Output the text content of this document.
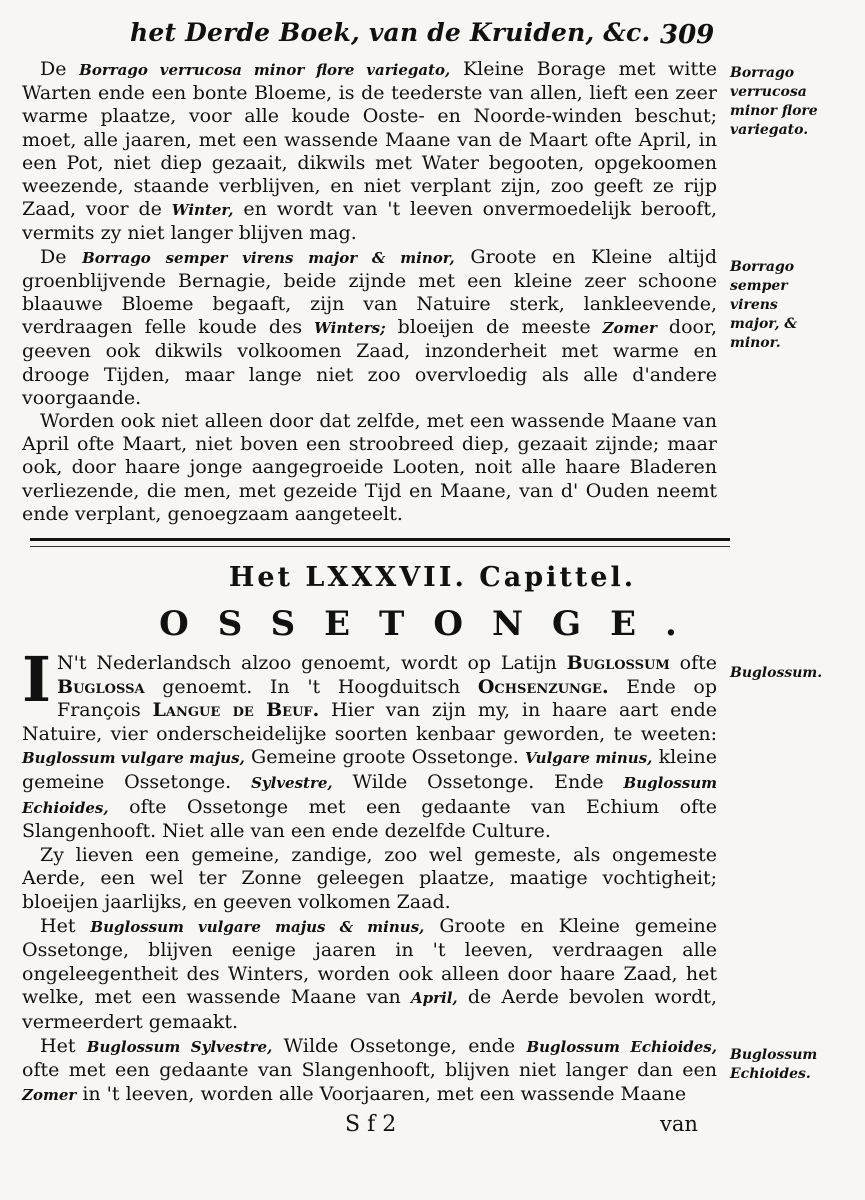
het Derde Boek, van de Kruiden, &c. 309

De Borrago verrucosa minor flore variegato, Kleine Borage met witte Warten ende een bonte Bloeme, is de teederste van allen, lieft een zeer warme plaatze, voor alle koude Ooste- en Noorde-winden beschut; moet, alle jaaren, met een wassende Maane van de Maart ofte April, in een Pot, niet diep gezaait, dikwils met Water begooten, opgekoomen weezende, staande verblijven, en niet verplant zijn, zoo geeft ze rijp Zaad, voor de Winter, en wordt van 't leeven onvermoedelijk berooft, vermits zy niet langer blijven mag.

De Borrago semper virens major & minor, Groote en Kleine altijd groenblijvende Bernagie, beide zijnde met een kleine zeer schoone blaauwe Bloeme begaaft, zijn van Natuire sterk, lankleevende, verdraagen felle koude des Winters; bloeijen de meeste Zomer door, geeven ook dikwils volkoomen Zaad, inzonderheit met warme en drooge Tijden, maar lange niet zoo overvloedig als alle d'andere voorgaande.

Worden ook niet alleen door dat zelfde, met een wassende Maane van April ofte Maart, niet boven een stroobreed diep, gezaait zijnde; maar ook, door haare jonge aangegroeide Looten, noit alle haare Bladeren verliezende, die men, met gezeide Tijd en Maane, van d' Ouden neemt ende verplant, genoegzaam aangeteelt.

Het LXXXVII. Capittel.
OSSETONGE.

I N't Nederlandsch alzoo genoemt, wordt op Latijn Buglossum ofte Buglossa genoemt. In 't Hoogduitsch Ochsenzunge. Ende op François Langue de Beuf. Hier van zijn my, in haare aart ende Natuire, vier onderscheidelijke soorten kenbaar geworden, te weeten: Buglossum vulgare majus, Gemeine groote Ossetonge. Vulgare minus, kleine gemeine Ossetonge. Sylvestre, Wilde Ossetonge. Ende Buglossum Echioides, ofte Ossetonge met een gedaante van Echium ofte Slangenhooft. Niet alle van een ende dezelfde Culture.

Zy lieven een gemeine, zandige, zoo wel gemeste, als ongemeste Aerde, een wel ter Zonne geleegen plaatze, maatige vochtigheit; bloeijen jaarlijks, en geeven volkomen Zaad.

Het Buglossum vulgare majus & minus, Groote en Kleine gemeine Ossetonge, blijven eenige jaaren in 't leeven, verdraagen alle ongeleegentheit des Winters, worden ook alleen door haare Zaad, het welke, met een wassende Maane van April, de Aerde bevolen wordt, vermeerdert gemaakt.

Het Buglossum Sylvestre, Wilde Ossetonge, ende Buglossum Echioides, ofte met een gedaante van Slangenhooft, blijven niet langer dan een Zomer in 't leeven, worden alle Voorjaaren, met een wassende Maane

Borrago verrucosa minor flore variegato.
Borrago semper virens major, & minor.
Buglossum.
Buglossum Echioides.
S f 2	van
